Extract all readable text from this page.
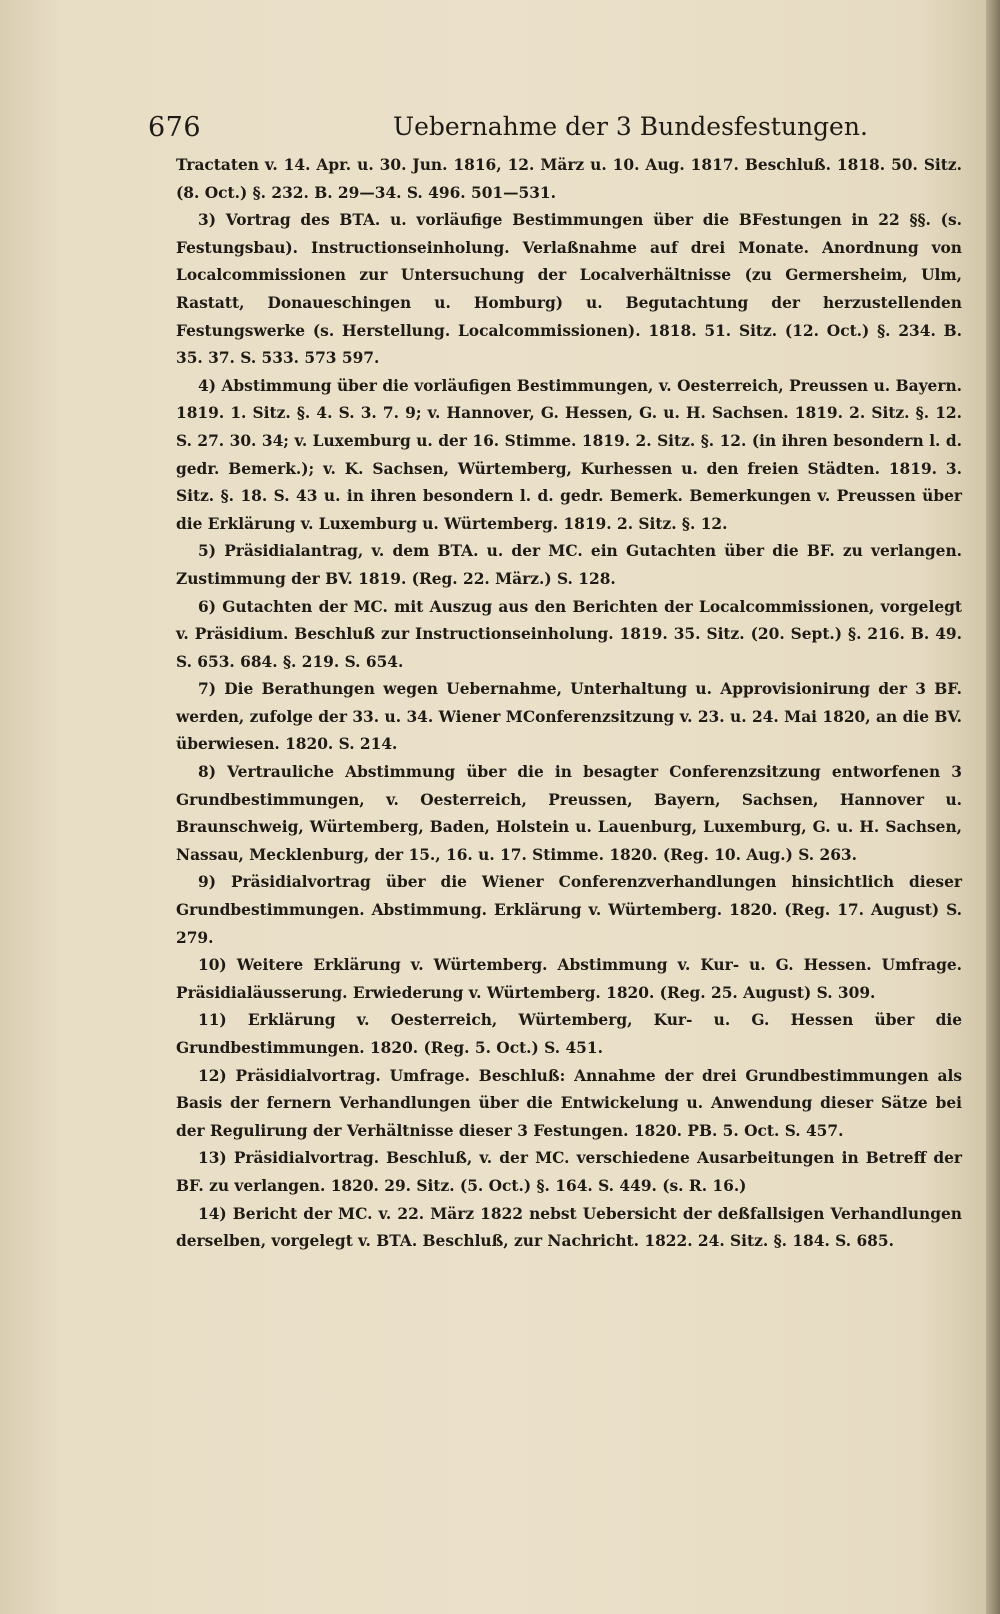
676	Uebernahme der 3 Bundesfestungen.

Tractaten v. 14. Apr. u. 30. Jun. 1816, 12. März u. 10. Aug. 1817. Beschluß. 1818. 50. Sitz. (8. Oct.) §. 232. B. 29—34. S. 496. 501—531.

3) Vortrag des BTA. u. vorläufige Bestimmungen über die BFestungen in 22 §§. (s. Festungsbau). Instructionseinholung. Verlaßnahme auf drei Monate. Anordnung von Localcommissionen zur Untersuchung der Localverhältnisse (zu Germersheim, Ulm, Rastatt, Donaueschingen u. Homburg) u. Begutachtung der herzustellenden Festungswerke (s. Herstellung. Localcommissionen). 1818. 51. Sitz. (12. Oct.) §. 234. B. 35. 37. S. 533. 573 597.

4) Abstimmung über die vorläufigen Bestimmungen, v. Oesterreich, Preussen u. Bayern. 1819. 1. Sitz. §. 4. S. 3. 7. 9; v. Hannover, G. Hessen, G. u. H. Sachsen. 1819. 2. Sitz. §. 12. S. 27. 30. 34; v. Luxemburg u. der 16. Stimme. 1819. 2. Sitz. §. 12. (in ihren besondern l. d. gedr. Bemerk.); v. K. Sachsen, Würtemberg, Kurhessen u. den freien Städten. 1819. 3. Sitz. §. 18. S. 43 u. in ihren besondern l. d. gedr. Bemerk. Bemerkungen v. Preussen über die Erklärung v. Luxemburg u. Würtemberg. 1819. 2. Sitz. §. 12.

5) Präsidialantrag, v. dem BTA. u. der MC. ein Gutachten über die BF. zu verlangen. Zustimmung der BV. 1819. (Reg. 22. März.) S. 128.

6) Gutachten der MC. mit Auszug aus den Berichten der Localcommissionen, vorgelegt v. Präsidium. Beschluß zur Instructionseinholung. 1819. 35. Sitz. (20. Sept.) §. 216. B. 49. S. 653. 684. §. 219. S. 654.

7) Die Berathungen wegen Uebernahme, Unterhaltung u. Approvisionirung der 3 BF. werden, zufolge der 33. u. 34. Wiener MConferenzsitzung v. 23. u. 24. Mai 1820, an die BV. überwiesen. 1820. S. 214.

8) Vertrauliche Abstimmung über die in besagter Conferenzsitzung entworfenen 3 Grundbestimmungen, v. Oesterreich, Preussen, Bayern, Sachsen, Hannover u. Braunschweig, Würtemberg, Baden, Holstein u. Lauenburg, Luxemburg, G. u. H. Sachsen, Nassau, Mecklenburg, der 15., 16. u. 17. Stimme. 1820. (Reg. 10. Aug.) S. 263.

9) Präsidialvortrag über die Wiener Conferenzverhandlungen hinsichtlich dieser Grundbestimmungen. Abstimmung. Erklärung v. Würtemberg. 1820. (Reg. 17. August) S. 279.

10) Weitere Erklärung v. Würtemberg. Abstimmung v. Kur- u. G. Hessen. Umfrage. Präsidialäusserung. Erwiederung v. Würtemberg. 1820. (Reg. 25. August) S. 309.

11) Erklärung v. Oesterreich, Würtemberg, Kur- u. G. Hessen über die Grundbestimmungen. 1820. (Reg. 5. Oct.) S. 451.

12) Präsidialvortrag. Umfrage. Beschluß: Annahme der drei Grundbestimmungen als Basis der fernern Verhandlungen über die Entwickelung u. Anwendung dieser Sätze bei der Regulirung der Verhältnisse dieser 3 Festungen. 1820. PB. 5. Oct. S. 457.

13) Präsidialvortrag. Beschluß, v. der MC. verschiedene Ausarbeitungen in Betreff der BF. zu verlangen. 1820. 29. Sitz. (5. Oct.) §. 164. S. 449. (s. R. 16.)

14) Bericht der MC. v. 22. März 1822 nebst Uebersicht der deßfallsigen Verhandlungen derselben, vorgelegt v. BTA. Beschluß, zur Nachricht. 1822. 24. Sitz. §. 184. S. 685.
